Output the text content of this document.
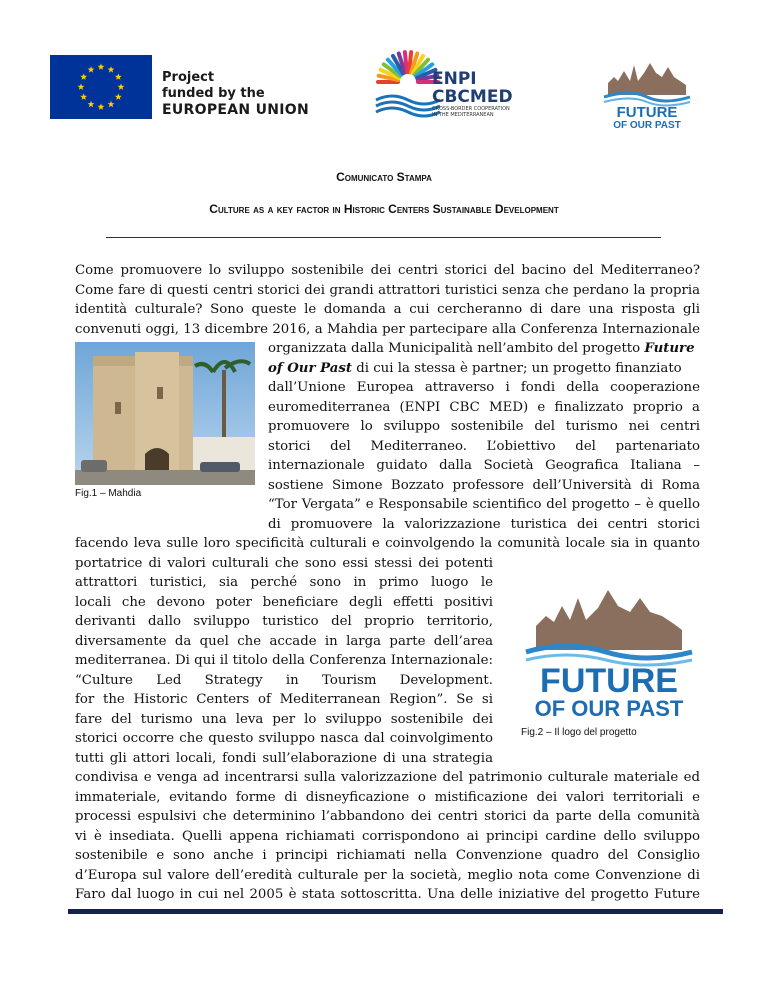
Project
funded by the
EUROPEAN UNION
ENPI
CBCMED
CROSS-BORDER COOPERATION IN THE MEDITERRANEAN	FUTURE
OF OUR PAST
Comunicato Stampa
Culture as a key factor in Historic Centers Sustainable Development
Come promuovere lo sviluppo sostenibile dei centri storici del bacino del Mediterraneo?
Come fare di questi centri storici dei grandi attrattori turistici senza che perdano la propria
identità culturale? Sono queste le domanda a cui cercheranno di dare una risposta gli
convenuti oggi, 13 dicembre 2016, a Mahdia per partecipare alla Conferenza Internazionale
organizzata dalla Municipalità nell’ambito del progetto Future
of Our Past di cui la stessa è partner; un progetto finanziato
dall’Unione Europea attraverso i fondi della cooperazione
euromediterranea (ENPI CBC MED) e finalizzato proprio a
promuovere lo sviluppo sostenibile del turismo nei centri
storici del Mediterraneo. L’obiettivo del partenariato
internazionale guidato dalla Società Geografica Italiana –
sostiene Simone Bozzato professore dell’Università di Roma
“Tor Vergata” e Responsabile scientifico del progetto – è quello
di promuovere la valorizzazione turistica dei centri storici
Fig.1 – Mahdia
facendo leva sulle loro specificità culturali e coinvolgendo la comunità locale sia in quanto
portatrice di valori culturali che sono essi stessi dei potenti
attrattori turistici, sia perché sono in primo luogo le
locali che devono poter beneficiare degli effetti positivi
derivanti dallo sviluppo turistico del proprio territorio,
diversamente da quel che accade in larga parte dell’area
mediterranea. Di qui il titolo della Conferenza Internazionale:
“Culture Led Strategy in Tourism Development.
for the Historic Centers of Mediterranean Region”. Se si
fare del turismo una leva per lo sviluppo sostenibile dei
storici occorre che questo sviluppo nasca dal coinvolgimento
tutti gli attori locali, fondi sull’elaborazione di una strategia
FUTURE
OF OUR PAST
Fig.2 – Il logo del progetto
condivisa e venga ad incentrarsi sulla valorizzazione del patrimonio culturale materiale ed
immateriale, evitando forme di disneyficazione o mistificazione dei valori territoriali e
processi espulsivi che determinino l’abbandono dei centri storici da parte della comunità
vi è insediata. Quelli appena richiamati corrispondono ai principi cardine dello sviluppo
sostenibile e sono anche i principi richiamati nella Convenzione quadro del Consiglio
d’Europa sul valore dell’eredità culturale per la società, meglio nota come Convenzione di
Faro dal luogo in cui nel 2005 è stata sottoscritta. Una delle iniziative del progetto Future
